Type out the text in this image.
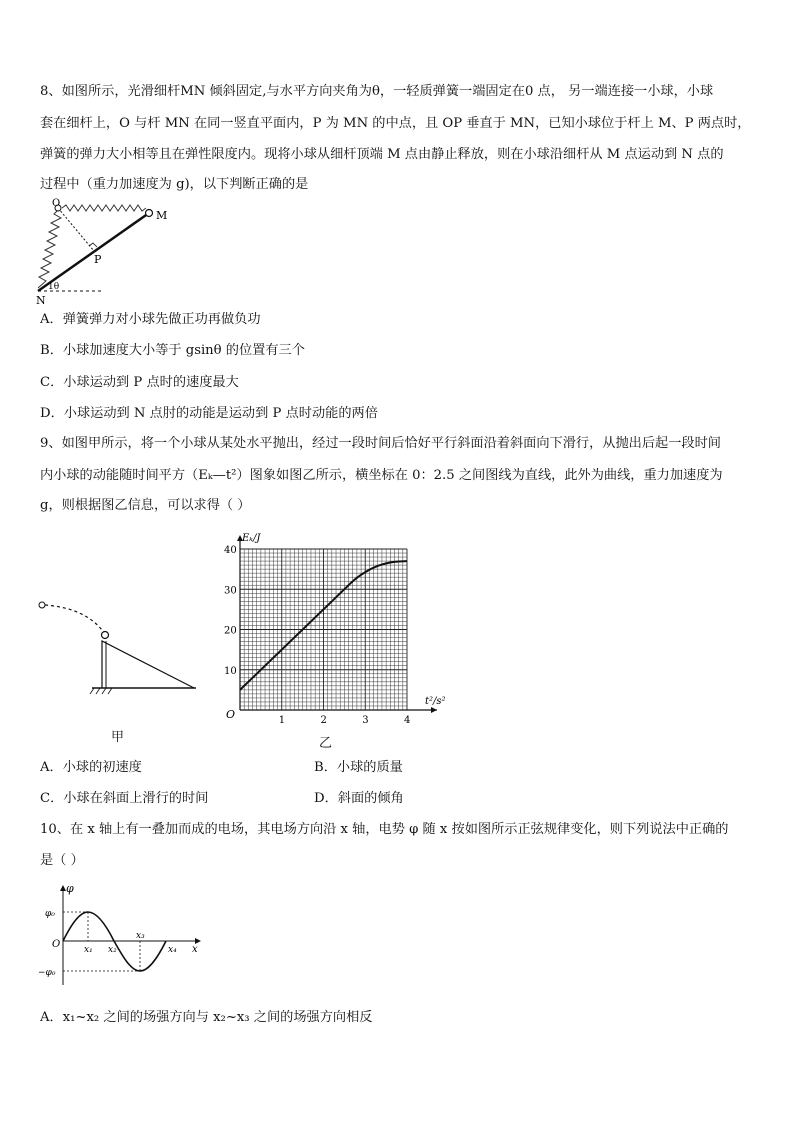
8、如图所示，光滑细杆MN 倾斜固定,与水平方向夹角为θ，一轻质弹簧一端固定在0 点， 另一端连接一小球，小球
套在细杆上，O 与杆 MN 在同一竖直平面内，P 为 MN 的中点，且 OP 垂直于 MN，已知小球位于杆上 M、P 两点时，
弹簧的弹力大小相等且在弹性限度内。现将小球从细杆顶端 M 点由静止释放，则在小球沿细杆从 M 点运动到 N 点的
过程中（重力加速度为 g)，以下判断正确的是
O
M
P
1θ
N
A．弹簧弹力对小球先做正功再做负功
B．小球加速度大小等于 gsinθ 的位置有三个
C．小球运动到 P 点时的速度最大
D．小球运动到 N 点肘的动能是运动到 P 点时动能的两倍
9、如图甲所示，将一个小球从某处水平抛出，经过一段时间后恰好平行斜面沿着斜面向下滑行，从抛出后起一段时间
内小球的动能随时间平方（Eₖ—t²）图象如图乙所示，横坐标在 0：2.5 之间图线为直线，此外为曲线，重力加速度为
g，则根据图乙信息，可以求得（ ）
甲
1	2	3	4
10
20
30
40
Eₖ/J
t²/s²
O
乙
A．小球的初速度	B．小球的质量
C．小球在斜面上滑行的时间	D．斜面的倾角
10、在 x 轴上有一叠加而成的电场，其电场方向沿 x 轴，电势 φ 随 x 按如图所示正弦规律变化，则下列说法中正确的
是（ ）
φ
φ₀
−φ₀
O	x
x₁ x₂
x₃
x₄
A．x₁~x₂ 之间的场强方向与 x₂~x₃ 之间的场强方向相反
